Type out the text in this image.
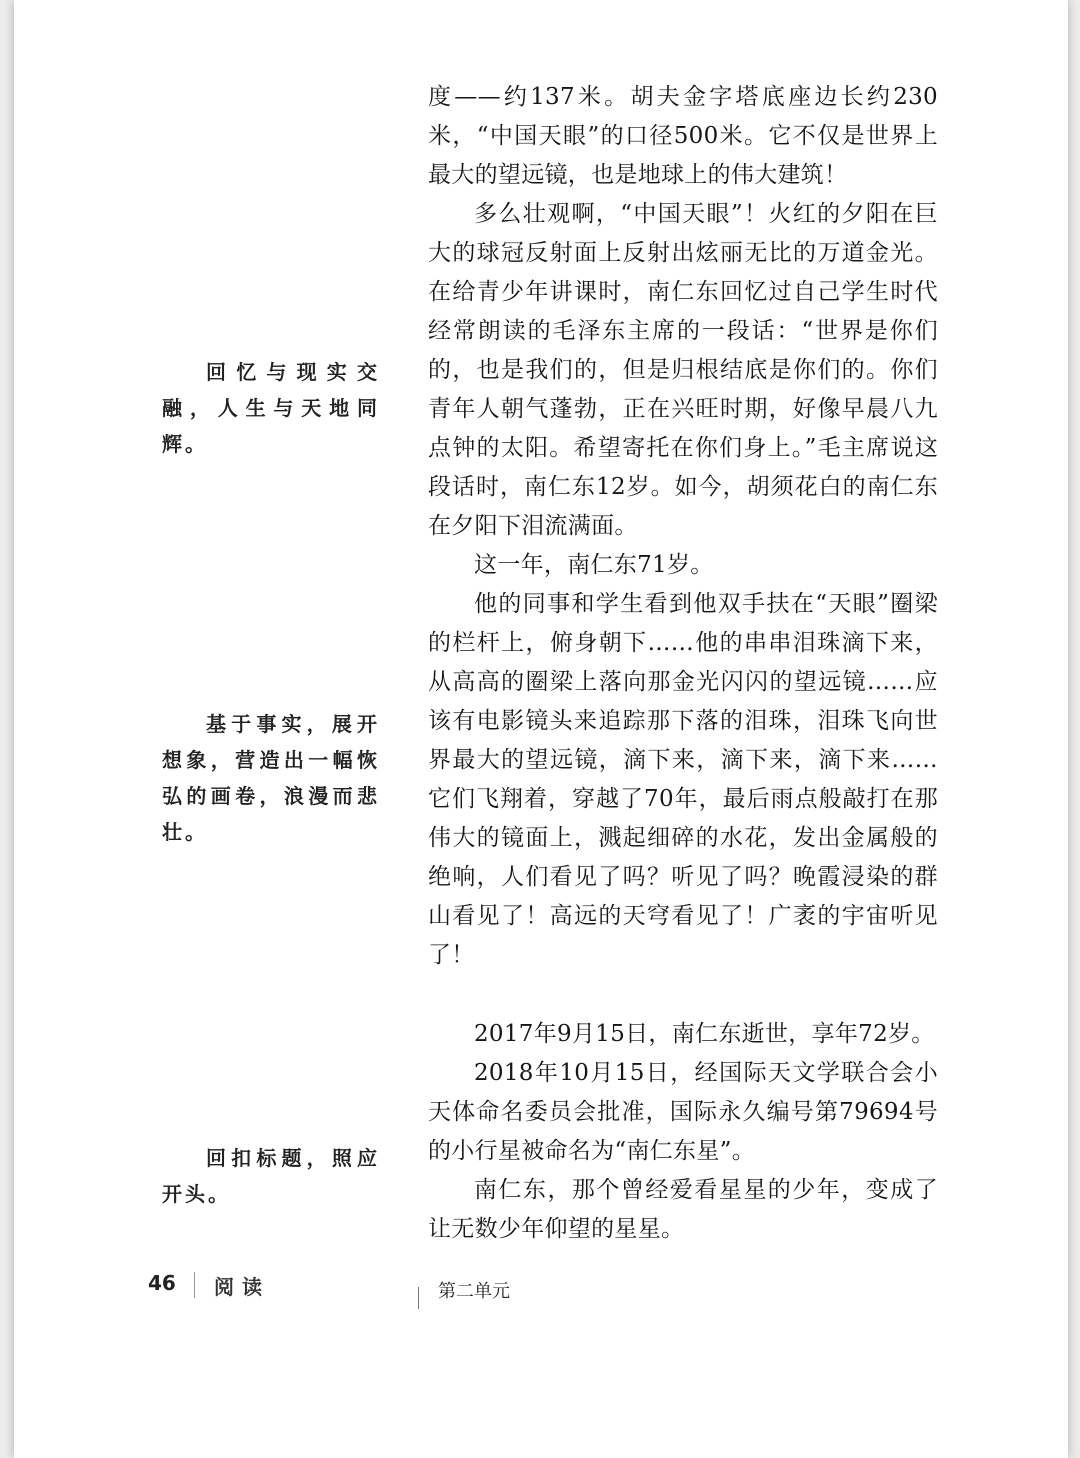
度——约137米。胡夫金字塔底座边长约230米，“中国天眼”的口径500米。它不仅是世界上最大的望远镜，也是地球上的伟大建筑！

多么壮观啊，“中国天眼”！火红的夕阳在巨大的球冠反射面上反射出炫丽无比的万道金光。在给青少年讲课时，南仁东回忆过自己学生时代经常朗读的毛泽东主席的一段话：“世界是你们的，也是我们的，但是归根结底是你们的。你们青年人朝气蓬勃，正在兴旺时期，好像早晨八九点钟的太阳。希望寄托在你们身上。”毛主席说这段话时，南仁东12岁。如今，胡须花白的南仁东在夕阳下泪流满面。

这一年，南仁东71岁。

他的同事和学生看到他双手扶在“天眼”圈梁的栏杆上，俯身朝下……他的串串泪珠滴下来，从高高的圈梁上落向那金光闪闪的望远镜……应该有电影镜头来追踪那下落的泪珠，泪珠飞向世界最大的望远镜，滴下来，滴下来，滴下来……它们飞翔着，穿越了70年，最后雨点般敲打在那伟大的镜面上，溅起细碎的水花，发出金属般的绝响，人们看见了吗？听见了吗？晚霞浸染的群山看见了！高远的天穹看见了！广袤的宇宙听见了！

2017年9月15日，南仁东逝世，享年72岁。

2018年10月15日，经国际天文学联合会小天体命名委员会批准，国际永久编号第79694号的小行星被命名为“南仁东星”。

南仁东，那个曾经爱看星星的少年，变成了让无数少年仰望的星星。

回忆与现实交融，人生与天地同辉。
基于事实，展开想象，营造出一幅恢弘的画卷，浪漫而悲壮。
回扣标题，照应开头。
46 阅读	第二单元
